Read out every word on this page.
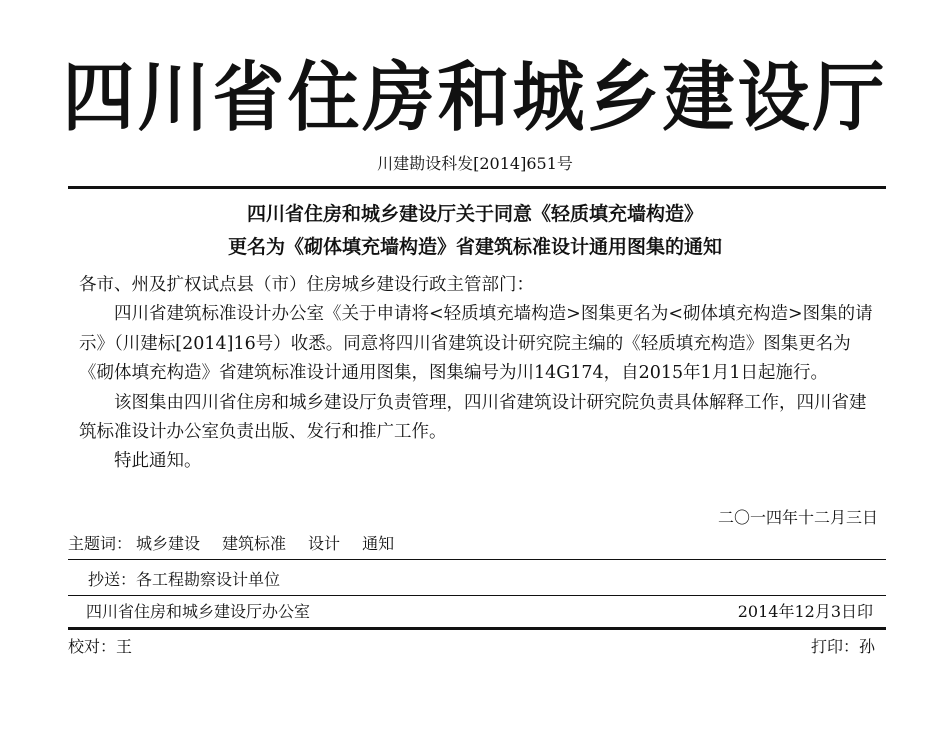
四川省住房和城乡建设厅
川建勘设科发[2014]651号
四川省住房和城乡建设厅关于同意《轻质填充墙构造》
更名为《砌体填充墙构造》省建筑标准设计通用图集的通知

各市、州及扩权试点县（市）住房城乡建设行政主管部门：

四川省建筑标准设计办公室《关于申请将<轻质填充墙构造>图集更名为<砌体填充构造>图集的请示》（川建标[2014]16号）收悉。同意将四川省建筑设计研究院主编的《轻质填充构造》图集更名为《砌体填充构造》省建筑标准设计通用图集，图集编号为川14G174，自2015年1月1日起施行。

该图集由四川省住房和城乡建设厅负责管理，四川省建筑设计研究院负责具体解释工作，四川省建筑标准设计办公室负责出版、发行和推广工作。

特此通知。

二〇一四年十二月三日
主题词： 城乡建设 建筑标准 设计 通知
抄送：各工程勘察设计单位
四川省住房和城乡建设厅办公室	2014年12月3日印
校对：王	打印：孙
